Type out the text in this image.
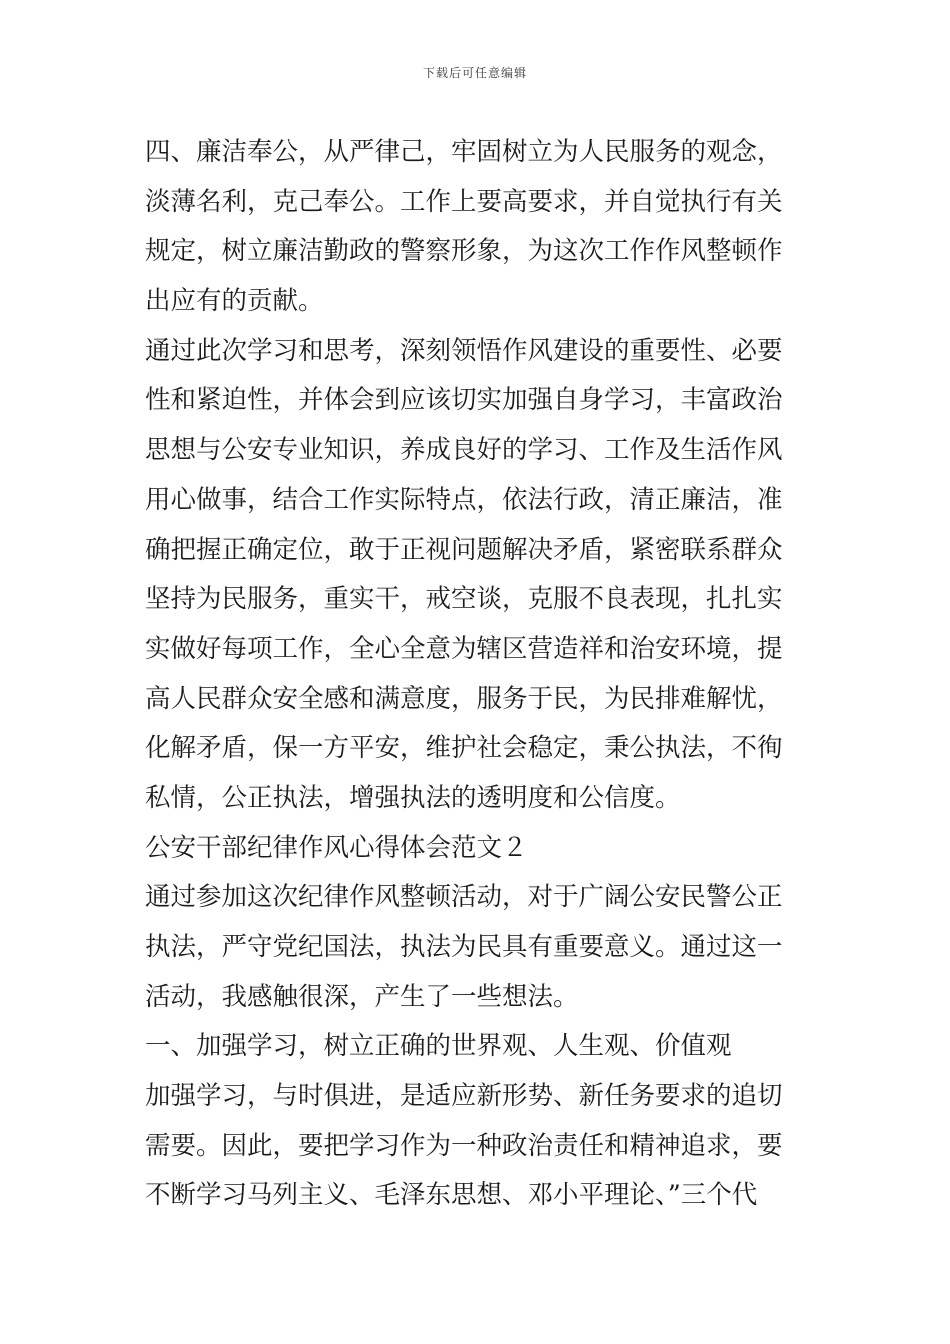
下载后可任意编辑
四、廉洁奉公，从严律己，牢固树立为人民服务的观念，
淡薄名利，克己奉公。工作上要高要求，并自觉执行有关
规定，树立廉洁勤政的警察形象，为这次工作作风整顿作
出应有的贡献。
通过此次学习和思考，深刻领悟作风建设的重要性、必要
性和紧迫性，并体会到应该切实加强自身学习，丰富政治
思想与公安专业知识，养成良好的学习、工作及生活作风
用心做事，结合工作实际特点，依法行政，清正廉洁，准
确把握正确定位，敢于正视问题解决矛盾，紧密联系群众
坚持为民服务，重实干，戒空谈，克服不良表现，扎扎实
实做好每项工作，全心全意为辖区营造祥和治安环境，提
高人民群众安全感和满意度，服务于民，为民排难解忧，
化解矛盾，保一方平安，维护社会稳定，秉公执法，不徇
私情，公正执法，增强执法的透明度和公信度。
公安干部纪律作风心得体会范文２
通过参加这次纪律作风整顿活动，对于广阔公安民警公正
执法，严守党纪国法，执法为民具有重要意义。通过这一
活动，我感触很深，产生了一些想法。
一、加强学习，树立正确的世界观、人生观、价值观
加强学习，与时俱进，是适应新形势、新任务要求的追切
需要。因此，要把学习作为一种政治责任和精神追求，要
不断学习马列主义、毛泽东思想、邓小平理论、”三个代
